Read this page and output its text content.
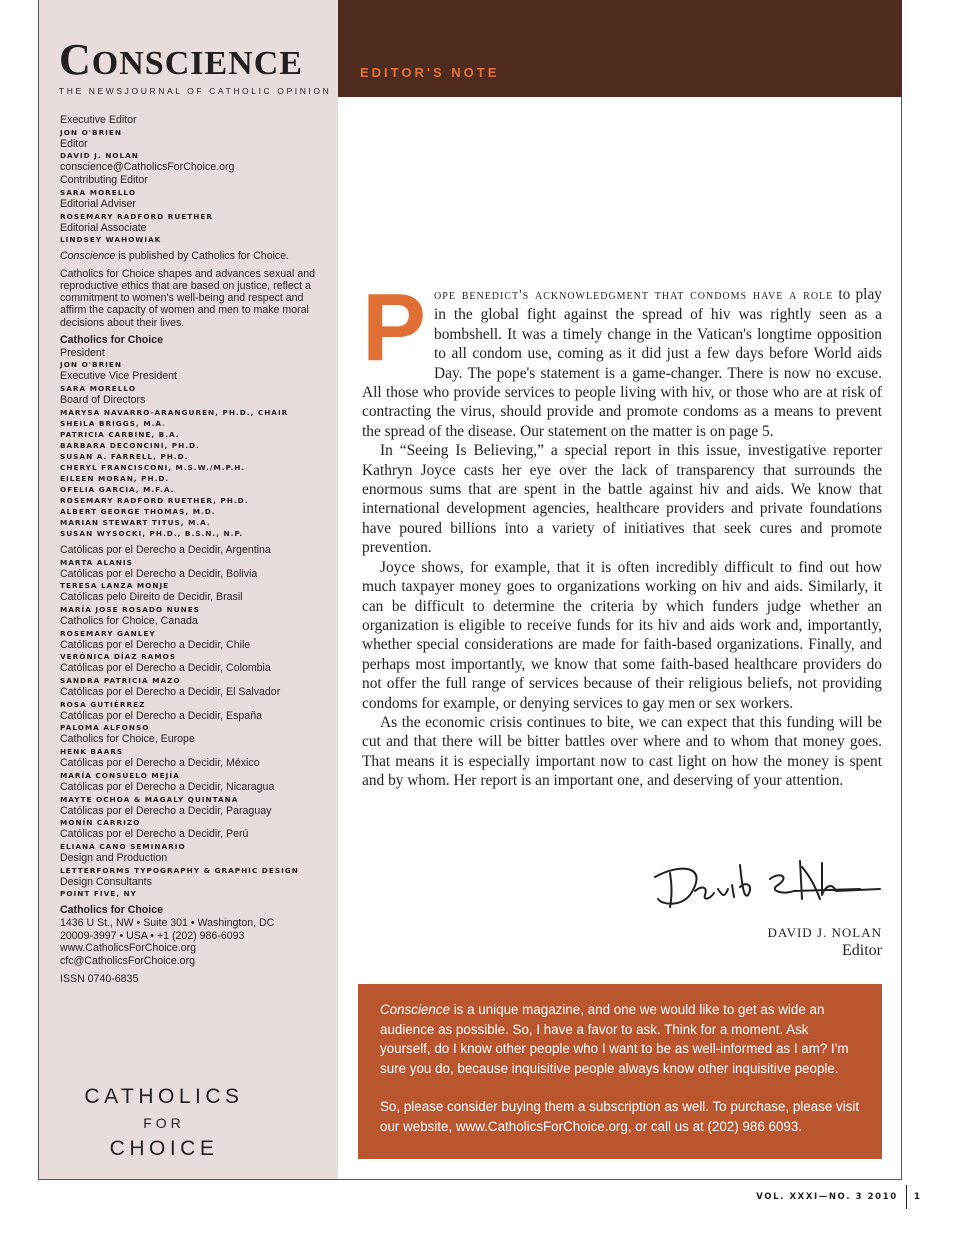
CONSCIENCE
THE NEWSJOURNAL OF CATHOLIC OPINION
Executive Editor
JON O'BRIEN
Editor
DAVID J. NOLAN
conscience@CatholicsForChoice.org
Contributing Editor
SARA MORELLO
Editorial Adviser
ROSEMARY RADFORD RUETHER
Editorial Associate
LINDSEY WAHOWIAK

Conscience is published by Catholics for Choice.

Catholics for Choice shapes and advances sexual and reproductive ethics that are based on justice, reflect a commitment to women's well-being and respect and affirm the capacity of women and men to make moral decisions about their lives.

Catholics for Choice
President
JON O'BRIEN
Executive Vice President
SARA MORELLO
Board of Directors
MARYSA NAVARRO-ARANGUREN, PH.D., CHAIR
SHEILA BRIGGS, M.A.
PATRICIA CARBINE, B.A.
BARBARA DECONCINI, PH.D.
SUSAN A. FARRELL, PH.D.
CHERYL FRANCISCONI, M.S.W./M.P.H.
EILEEN MORAN, PH.D.
OFELIA GARCIA, M.F.A.
ROSEMARY RADFORD RUETHER, PH.D.
ALBERT GEORGE THOMAS, M.D.
MARIAN STEWART TITUS, M.A.
SUSAN WYSOCKI, PH.D., B.S.N., N.P.
Católicas por el Derecho a Decidir, Argentina
MARTA ALANIS
Católicas por el Derecho a Decidir, Bolivia
TERESA LANZA MONJE
Católicas pelo Direito de Decidir, Brasil
MARÍA JOSE ROSADO NUNES
Catholics for Choice, Canada
ROSEMARY GANLEY
Católicas por el Derecho a Decidir, Chile
VERÓNICA DÍAZ RAMOS
Católicas por el Derecho a Decidir, Colombia
SANDRA PATRICIA MAZO
Católicas por el Derecho a Decidir, El Salvador
ROSA GUTIÉRREZ
Católicas por el Derecho a Decidir, España
PALOMA ALFONSO
Catholics for Choice, Europe
HENK BAARS
Católicas por el Derecho a Decidir, México
MARÍA CONSUELO MEJÍA
Católicas por el Derecho a Decidir, Nicaragua
MAYTE OCHOA & MAGALY QUINTANA
Católicas por el Derecho a Decidir, Paraguay
MONÍN CARRIZO
Católicas por el Derecho a Decidir, Perú
ELIANA CANO SEMINARIO
Design and Production
LETTERFORMS TYPOGRAPHY & GRAPHIC DESIGN
Design Consultants
POINT FIVE, NY
Catholics for Choice
1436 U St., NW • Suite 301 • Washington, DC
20009-3997 • USA • +1 (202) 986-6093
www.CatholicsForChoice.org
cfc@CatholicsForChoice.org
ISSN 0740-6835
CATHOLICS
FOR
CHOICE
EDITOR'S NOTE
P ope benedict's acknowledgment that condoms have a role to play in the global fight against the spread of hiv was rightly seen as a bombshell. It was a timely change in the Vatican's longtime opposition to all condom use, coming as it did just a few days before World aids Day. The pope's statement is a game-changer. There is now no excuse. All those who provide services to people living with hiv, or those who are at risk of contracting the virus, should provide and promote condoms as a means to prevent the spread of the disease. Our statement on the matter is on page 5.

In “Seeing Is Believing,” a special report in this issue, investigative reporter Kathryn Joyce casts her eye over the lack of transparency that surrounds the enormous sums that are spent in the battle against hiv and aids. We know that international development agencies, healthcare providers and private foundations have poured billions into a variety of initiatives that seek cures and promote prevention.

Joyce shows, for example, that it is often incredibly difficult to find out how much taxpayer money goes to organizations working on hiv and aids. Similarly, it can be difficult to determine the criteria by which funders judge whether an organization is eligible to receive funds for its hiv and aids work and, importantly, whether special considerations are made for faith-based organizations. Finally, and perhaps most importantly, we know that some faith-based healthcare providers do not offer the full range of services because of their religious beliefs, not providing condoms for example, or denying services to gay men or sex workers.

As the economic crisis continues to bite, we can expect that this funding will be cut and that there will be bitter battles over where and to whom that money goes. That means it is especially important now to cast light on how the money is spent and by whom. Her report is an important one, and deserving of your attention.

DAVID J. NOLAN
Editor

Conscience is a unique magazine, and one we would like to get as wide an audience as possible. So, I have a favor to ask. Think for a moment. Ask yourself, do I know other people who I want to be as well-informed as I am? I'm sure you do, because inquisitive people always know other inquisitive people.

So, please consider buying them a subscription as well. To purchase, please visit our website, www.CatholicsForChoice.org, or call us at (202) 986 6093.

VOL. XXXI—NO. 3 2010	1
